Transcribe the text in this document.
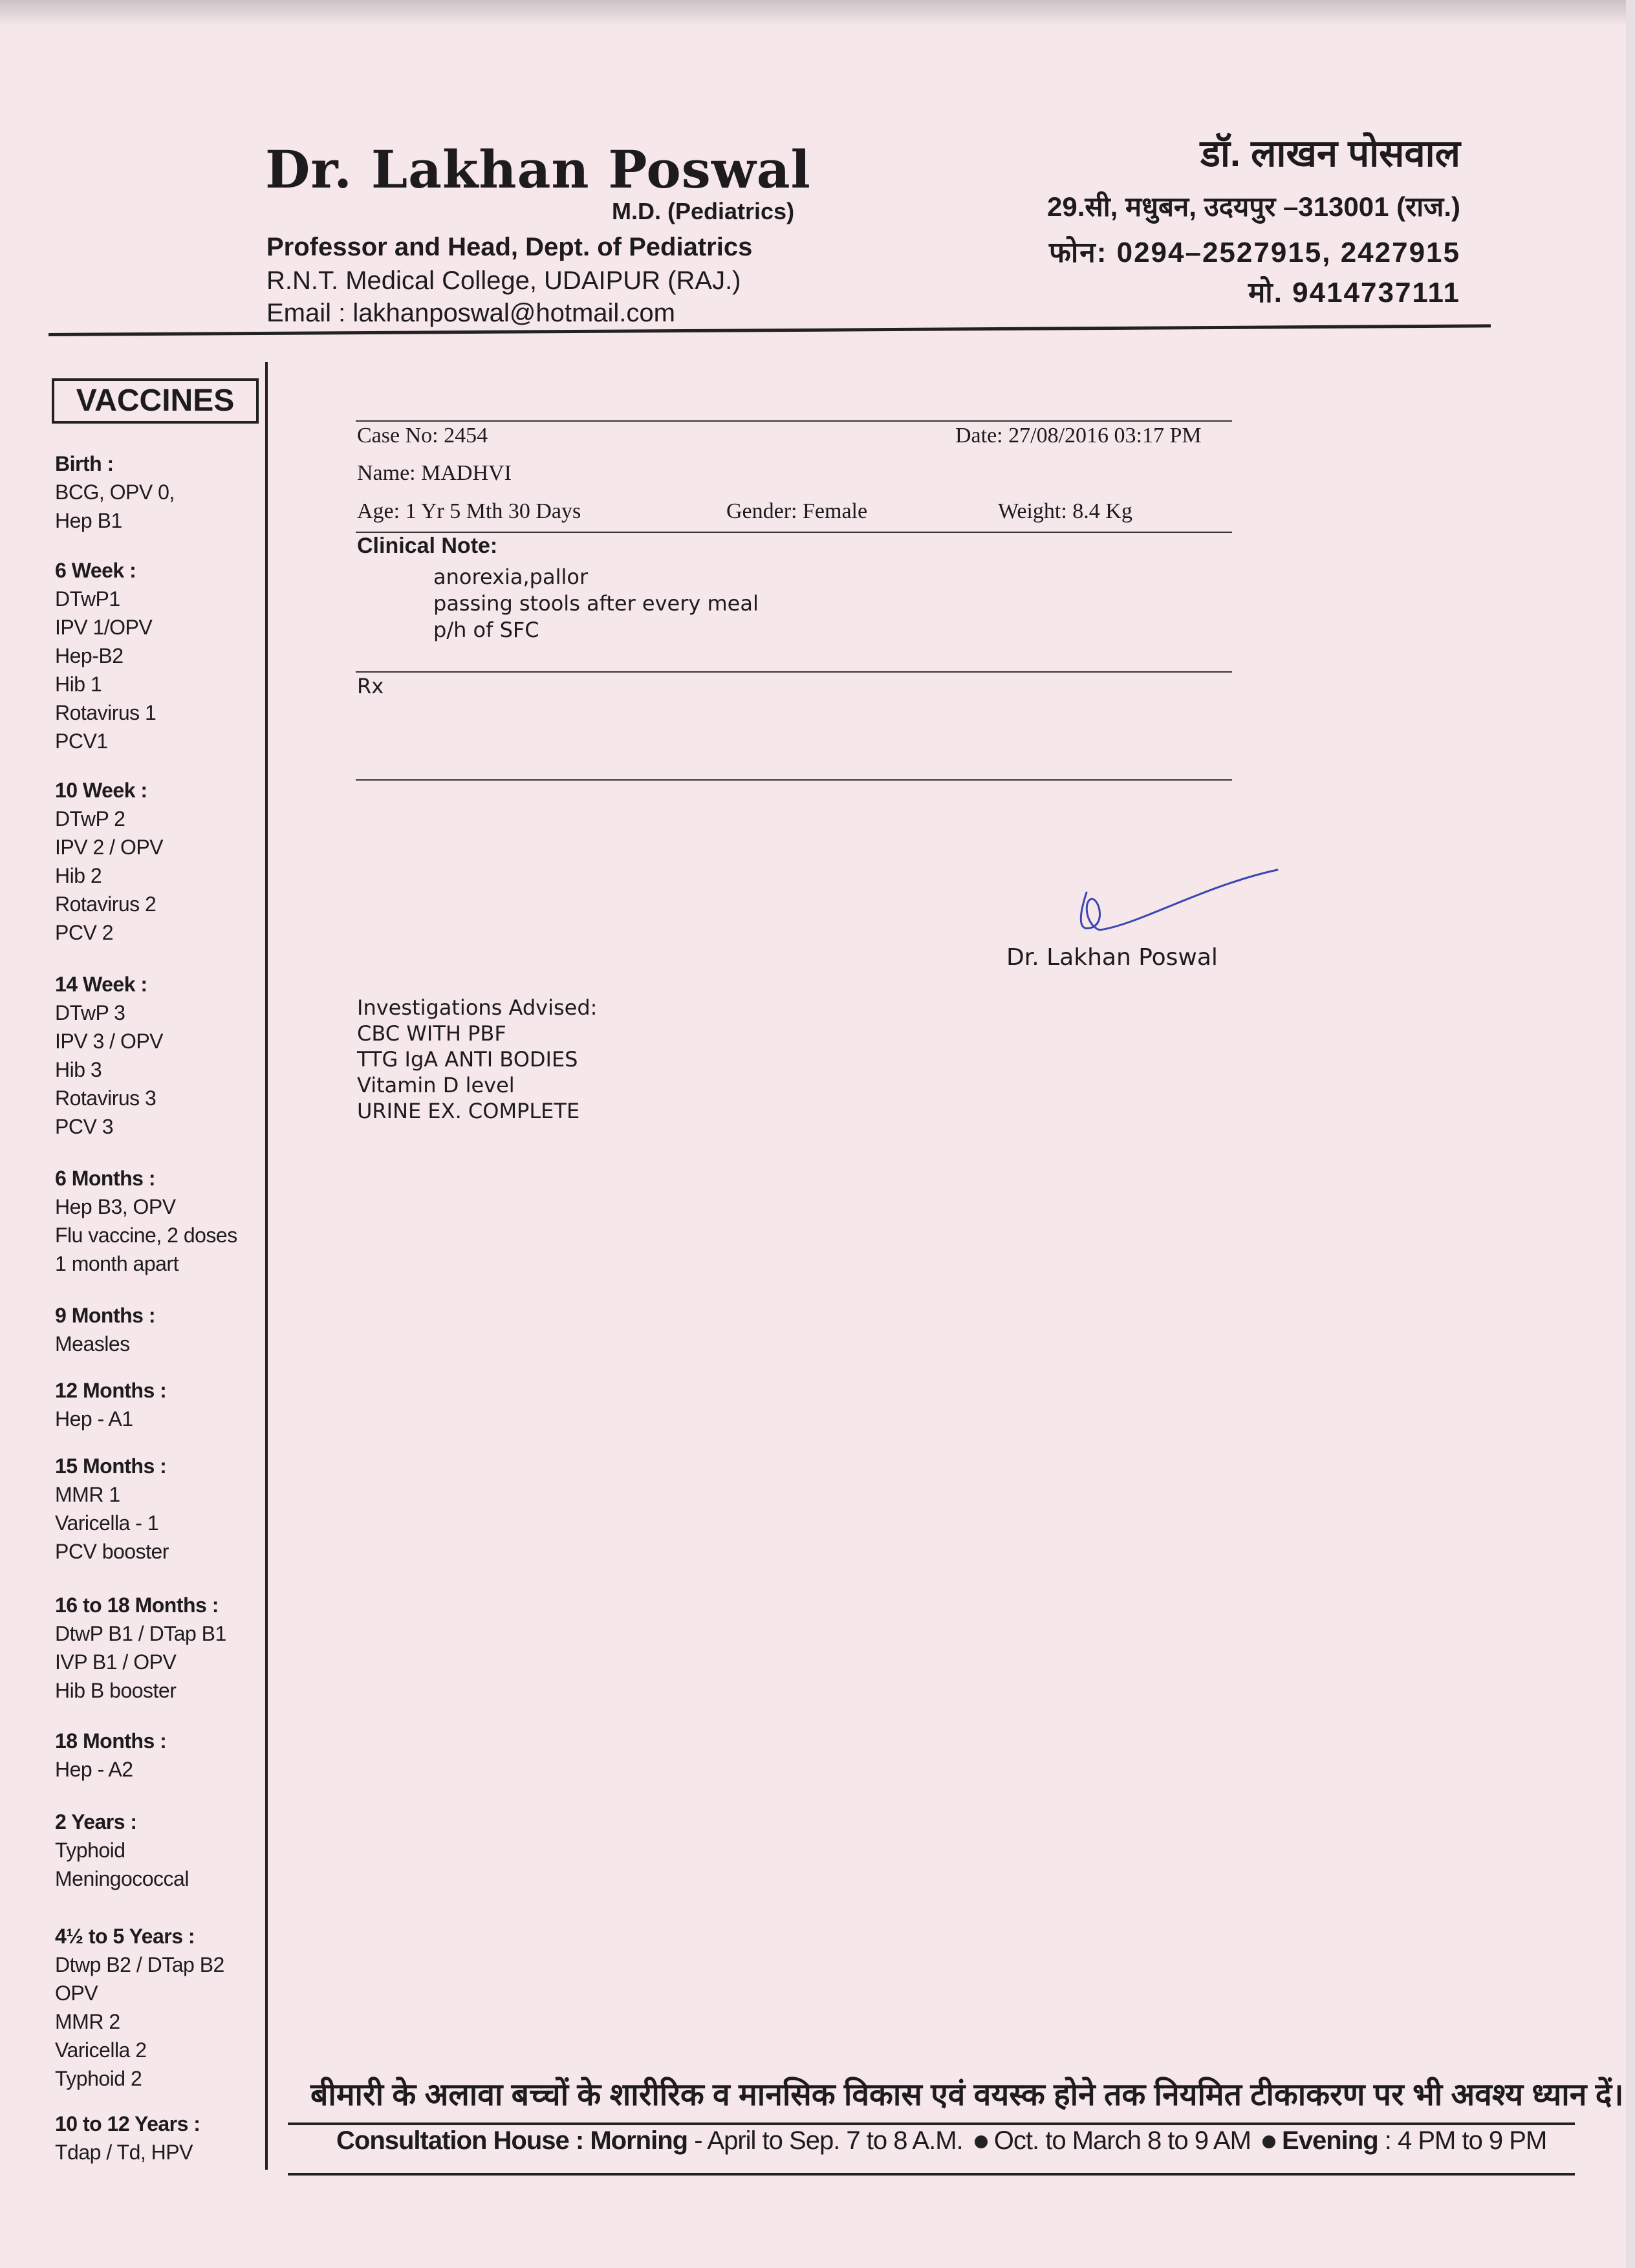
Dr. Lakhan Poswal
M.D. (Pediatrics)
Professor and Head, Dept. of Pediatrics
R.N.T. Medical College, UDAIPUR (RAJ.)
Email : lakhanposwal@hotmail.com
डॉ. लाखन पोसवाल
29.सी, मधुबन, उदयपुर –313001 (राज.)
फोन: 0294–2527915, 2427915
मो. 9414737111
VACCINES
Birth :
BCG, OPV 0,
Hep B1
6 Week :
DTwP1
IPV 1/OPV
Hep-B2
Hib 1
Rotavirus 1
PCV1
10 Week :
DTwP 2
IPV 2 / OPV
Hib 2
Rotavirus 2
PCV 2
14 Week :
DTwP 3
IPV 3 / OPV
Hib 3
Rotavirus 3
PCV 3
6 Months :
Hep B3, OPV
Flu vaccine, 2 doses
1 month apart
9 Months :
Measles
12 Months :
Hep - A1
15 Months :
MMR 1
Varicella - 1
PCV booster
16 to 18 Months :
DtwP B1 / DTap B1
IVP B1 / OPV
Hib B booster
18 Months :
Hep - A2
2 Years :
Typhoid
Meningococcal
4½ to 5 Years :
Dtwp B2 / DTap B2
OPV
MMR 2
Varicella 2
Typhoid 2
10 to 12 Years :
Tdap / Td, HPV
Case No: 2454	Date: 27/08/2016 03:17 PM
Name: MADHVI
Age: 1 Yr 5 Mth 30 Days	Gender: Female	Weight: 8.4 Kg
Clinical Note:
anorexia,pallor
passing stools after every meal
p/h of SFC
Rx
Dr. Lakhan Poswal
Investigations Advised:
CBC WITH PBF
TTG IgA ANTI BODIES
Vitamin D level
URINE EX. COMPLETE
बीमारी के अलावा बच्चों के शारीरिक व मानसिक विकास एवं वयस्क होने तक नियमित टीकाकरण पर भी अवश्य ध्यान दें।
Consultation House : Morning - April to Sep. 7 to 8 A.M. Oct. to March 8 to 9 AM Evening : 4 PM to 9 PM
